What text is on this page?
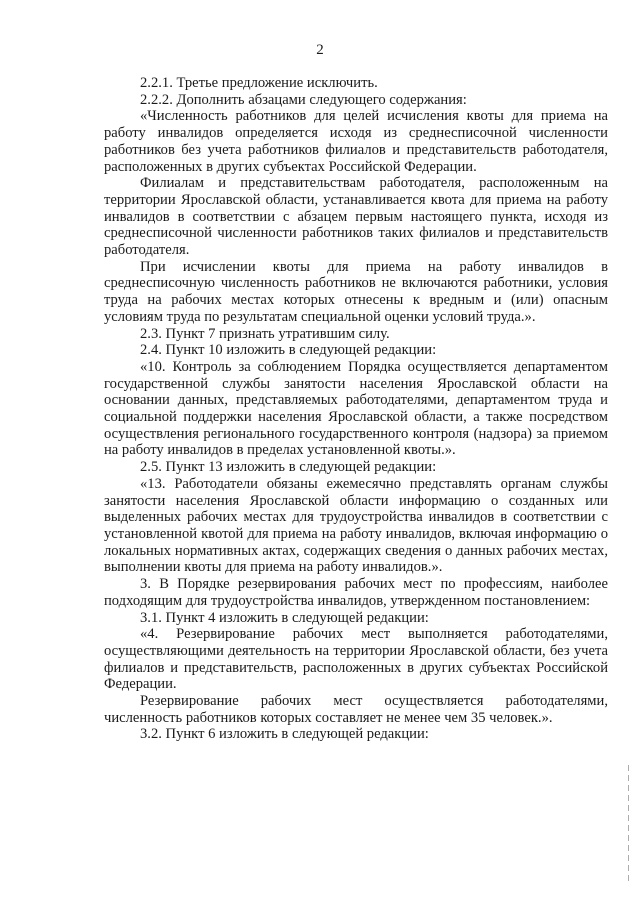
2

2.2.1. Третье предложение исключить.

2.2.2. Дополнить абзацами следующего содержания:

«Численность работников для целей исчисления квоты для приема на работу инвалидов определяется исходя из среднесписочной численности работников без учета работников филиалов и представительств работодателя, расположенных в других субъектах Российской Федерации.

Филиалам и представительствам работодателя, расположенным на территории Ярославской области, устанавливается квота для приема на работу инвалидов в соответствии с абзацем первым настоящего пункта, исходя из среднесписочной численности работников таких филиалов и представительств работодателя.

При исчислении квоты для приема на работу инвалидов в среднесписочную численность работников не включаются работники, условия труда на рабочих местах которых отнесены к вредным и (или) опасным условиям труда по результатам специальной оценки условий труда.».

2.3. Пункт 7 признать утратившим силу.

2.4. Пункт 10 изложить в следующей редакции:

«10. Контроль за соблюдением Порядка осуществляется департаментом государственной службы занятости населения Ярославской области на основании данных, представляемых работодателями, департаментом труда и социальной поддержки населения Ярославской области, а также посредством осуществления регионального государственного контроля (надзора) за приемом на работу инвалидов в пределах установленной квоты.».

2.5. Пункт 13 изложить в следующей редакции:

«13. Работодатели обязаны ежемесячно представлять органам службы занятости населения Ярославской области информацию о созданных или выделенных рабочих местах для трудоустройства инвалидов в соответствии с установленной квотой для приема на работу инвалидов, включая информацию о локальных нормативных актах, содержащих сведения о данных рабочих местах, выполнении квоты для приема на работу инвалидов.».

3. В Порядке резервирования рабочих мест по профессиям, наиболее подходящим для трудоустройства инвалидов, утвержденном постановлением:

3.1. Пункт 4 изложить в следующей редакции:

«4. Резервирование рабочих мест выполняется работодателями, осуществляющими деятельность на территории Ярославской области, без учета филиалов и представительств, расположенных в других субъектах Российской Федерации.

Резервирование рабочих мест осуществляется работодателями, численность работников которых составляет не менее чем 35 человек.».

3.2. Пункт 6 изложить в следующей редакции:
